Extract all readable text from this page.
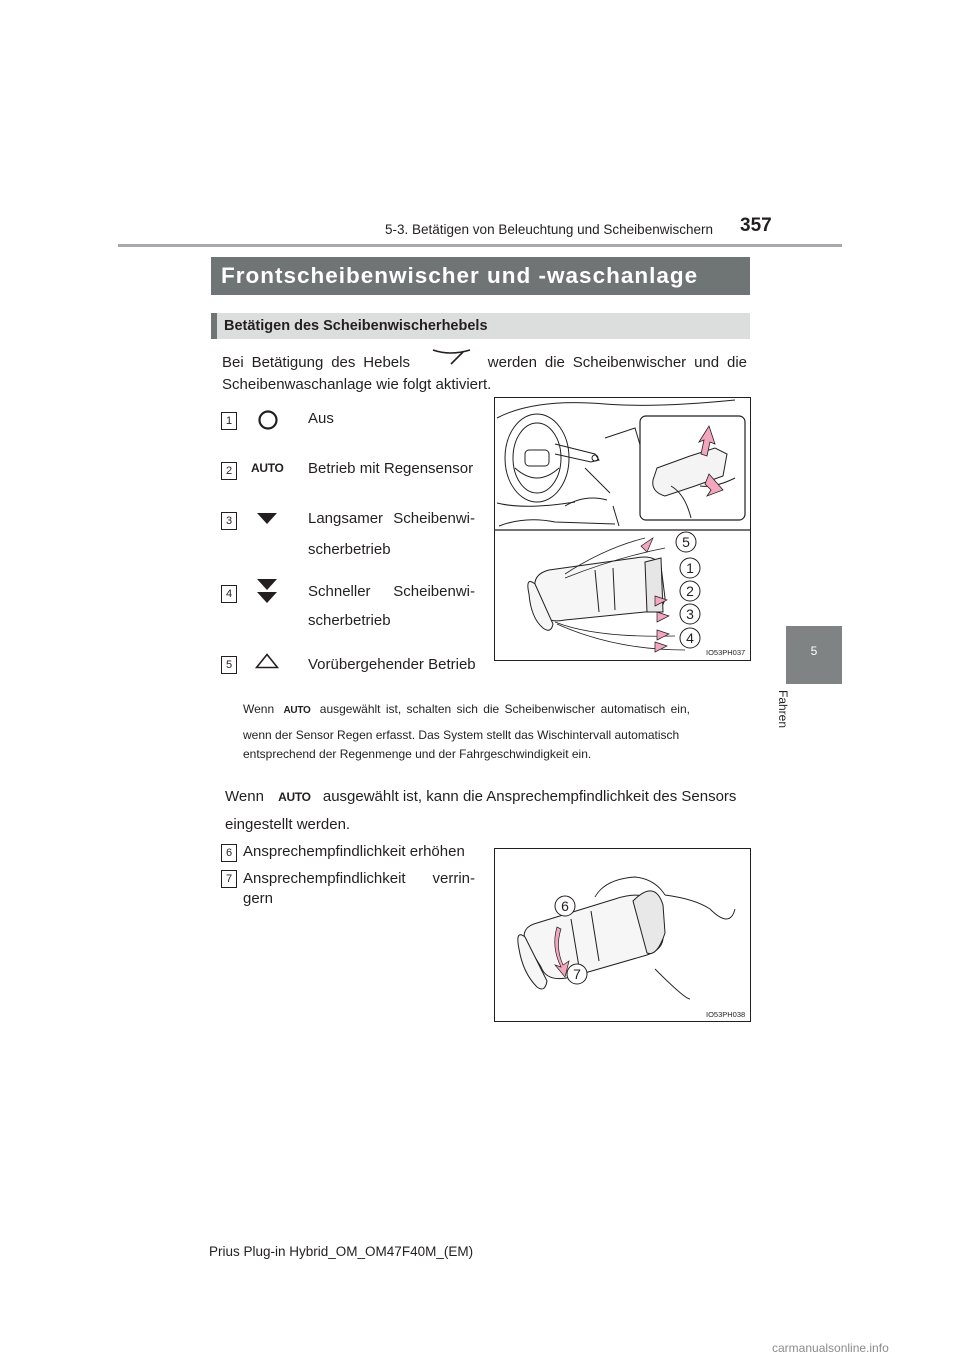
5-3. Betätigen von Beleuchtung und Scheibenwischern 357
5
Fahren
Frontscheibenwischer und -waschanlage
Betätigen des Scheibenwischerhebels
Bei Betätigung des Hebels	werden die Scheibenwischer und die Scheibenwaschanlage wie folgt aktiviert.
1	Aus
2	AUTO Betrieb mit Regensensor
3	Langsamer Scheibenwi-
scherbetrieb
4	Schneller Scheibenwi-
scherbetrieb
5	Vorübergehender Betrieb
5
1
2
3
4
IO53PH037
Wenn AUTO ausgewählt ist, schalten sich die Scheibenwischer automatisch ein,
wenn der Sensor Regen erfasst. Das System stellt das Wischintervall automatisch
entsprechend der Regenmenge und der Fahrgeschwindigkeit ein.
Wenn AUTO ausgewählt ist, kann die Ansprechempfindlichkeit des Sensors
eingestellt werden.
6 Ansprechempfindlichkeit erhöhen
7 Ansprechempfindlichkeit verrin-
gern	6
7
IO53PH038
Prius Plug-in Hybrid_OM_OM47F40M_(EM)
carmanualsonline.info
